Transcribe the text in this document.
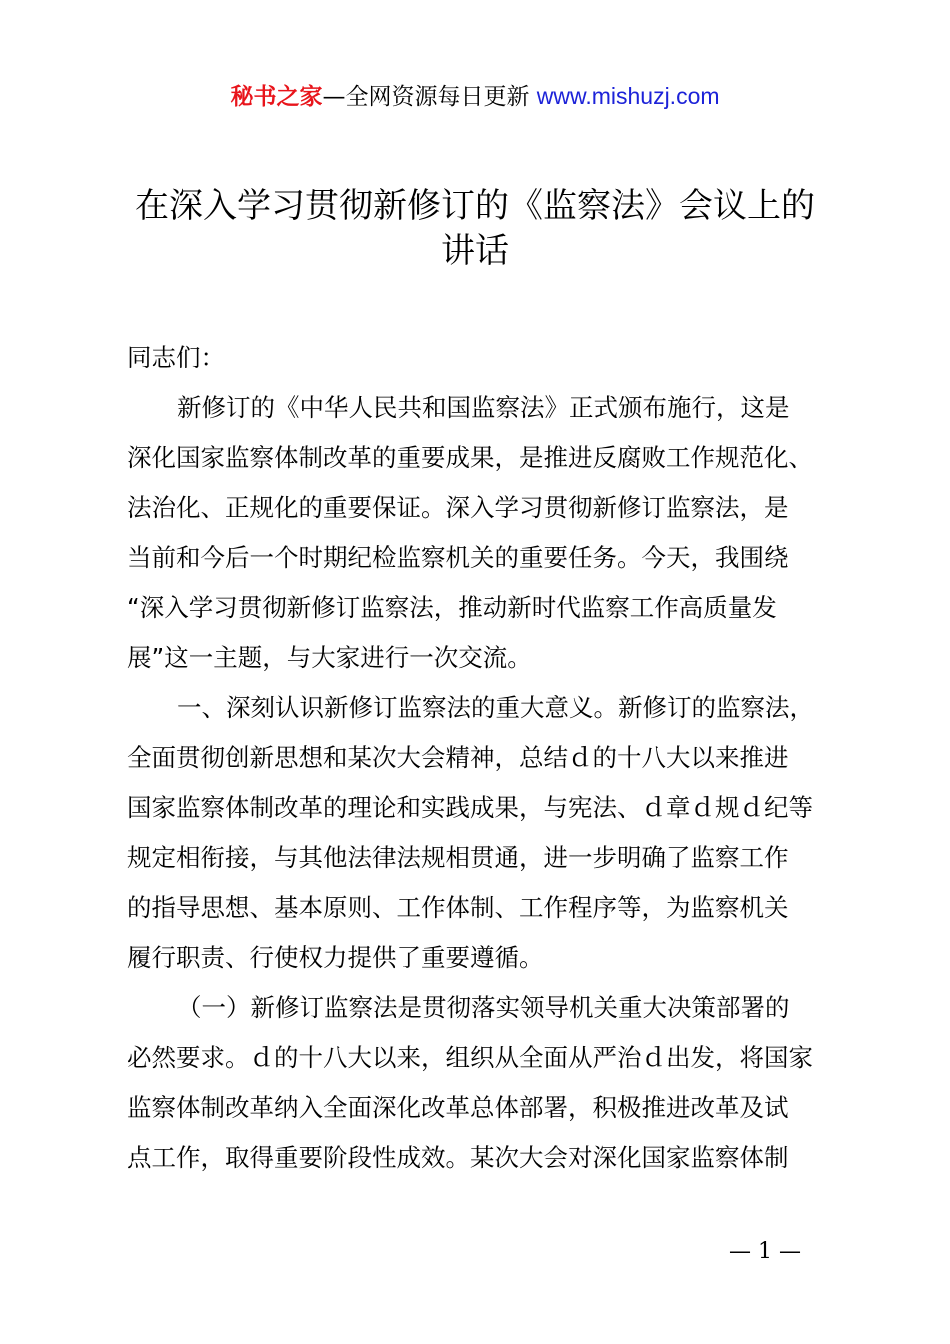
秘书之家—全网资源每日更新 www.mishuzj.com
在深入学习贯彻新修订的《监察法》会议上的
讲话
同志们：
新修订的《中华人民共和国监察法》正式颁布施行，这是
深化国家监察体制改革的重要成果，是推进反腐败工作规范化、
法治化、正规化的重要保证。深入学习贯彻新修订监察法，是
当前和今后一个时期纪检监察机关的重要任务。今天，我围绕
“深入学习贯彻新修订监察法，推动新时代监察工作高质量发
展”这一主题，与大家进行一次交流。
一、深刻认识新修订监察法的重大意义。新修订的监察法，
全面贯彻创新思想和某次大会精神，总结ｄ的十八大以来推进
国家监察体制改革的理论和实践成果，与宪法、ｄ章ｄ规ｄ纪等
规定相衔接，与其他法律法规相贯通，进一步明确了监察工作
的指导思想、基本原则、工作体制、工作程序等，为监察机关
履行职责、行使权力提供了重要遵循。
（一）新修订监察法是贯彻落实领导机关重大决策部署的
必然要求。ｄ的十八大以来，组织从全面从严治ｄ出发，将国家
监察体制改革纳入全面深化改革总体部署，积极推进改革及试
点工作，取得重要阶段性成效。某次大会对深化国家监察体制
— 1 —
